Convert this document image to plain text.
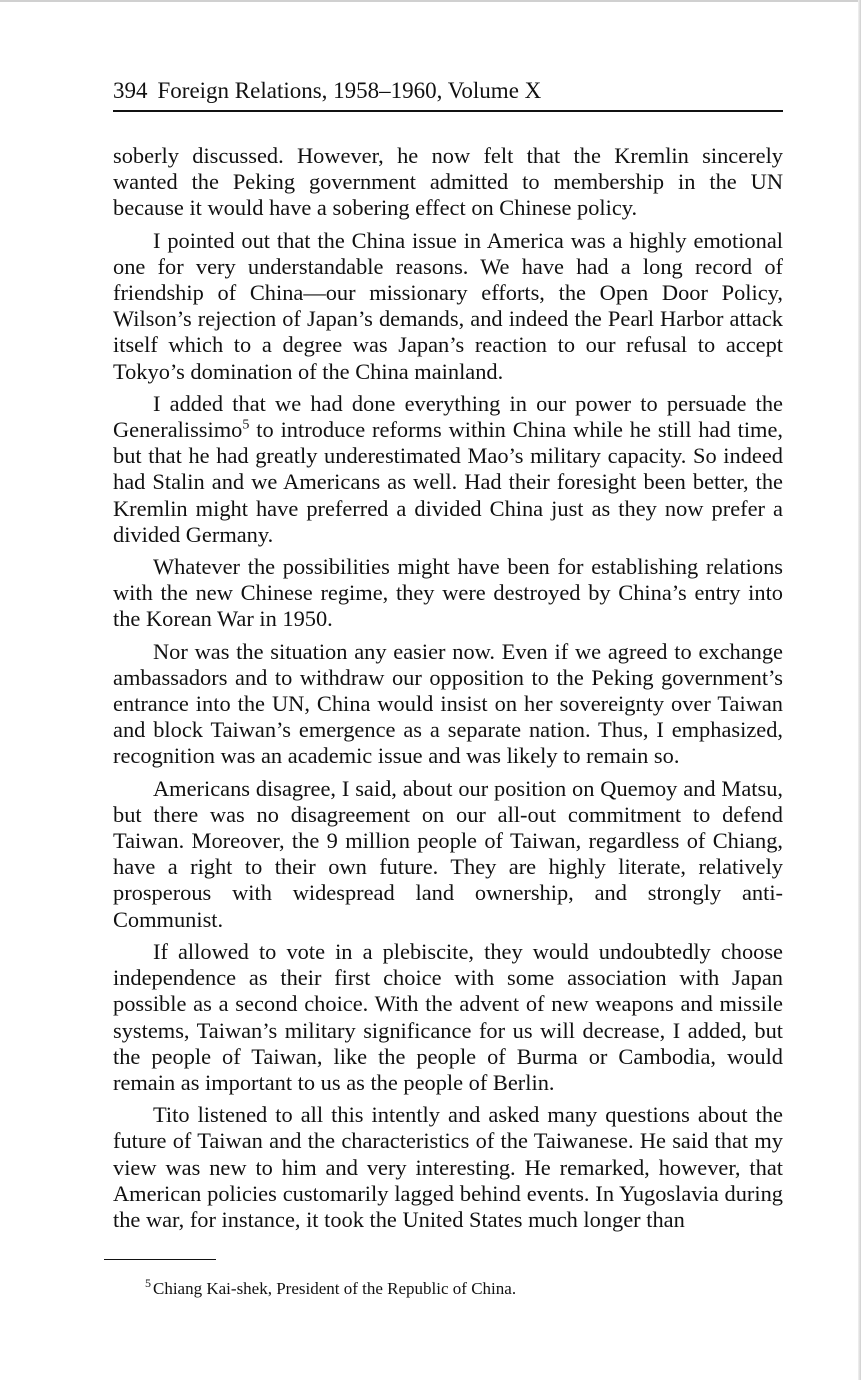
394 Foreign Relations, 1958–1960, Volume X

soberly discussed. However, he now felt that the Kremlin sincerely wanted the Peking government admitted to membership in the UN because it would have a sobering effect on Chinese policy.

I pointed out that the China issue in America was a highly emotional one for very understandable reasons. We have had a long record of friendship of China—our missionary efforts, the Open Door Policy, Wilson’s rejection of Japan’s demands, and indeed the Pearl Harbor attack itself which to a degree was Japan’s reaction to our refusal to accept Tokyo’s domination of the China mainland.

I added that we had done everything in our power to persuade the Generalissimo$^5$ to introduce reforms within China while he still had time, but that he had greatly underestimated Mao’s military capacity. So indeed had Stalin and we Americans as well. Had their foresight been better, the Kremlin might have preferred a divided China just as they now prefer a divided Germany.

Whatever the possibilities might have been for establishing relations with the new Chinese regime, they were destroyed by China’s entry into the Korean War in 1950.

Nor was the situation any easier now. Even if we agreed to exchange ambassadors and to withdraw our opposition to the Peking government’s entrance into the UN, China would insist on her sovereignty over Taiwan and block Taiwan’s emergence as a separate nation. Thus, I emphasized, recognition was an academic issue and was likely to remain so.

Americans disagree, I said, about our position on Quemoy and Matsu, but there was no disagreement on our all-out commitment to defend Taiwan. Moreover, the 9 million people of Taiwan, regardless of Chiang, have a right to their own future. They are highly literate, relatively prosperous with widespread land ownership, and strongly anti-Communist.

If allowed to vote in a plebiscite, they would undoubtedly choose independence as their first choice with some association with Japan possible as a second choice. With the advent of new weapons and missile systems, Taiwan’s military significance for us will decrease, I added, but the people of Taiwan, like the people of Burma or Cambodia, would remain as important to us as the people of Berlin.

Tito listened to all this intently and asked many questions about the future of Taiwan and the characteristics of the Taiwanese. He said that my view was new to him and very interesting. He remarked, however, that American policies customarily lagged behind events. In Yugoslavia during the war, for instance, it took the United States much longer than

$^5$ Chiang Kai-shek, President of the Republic of China.
